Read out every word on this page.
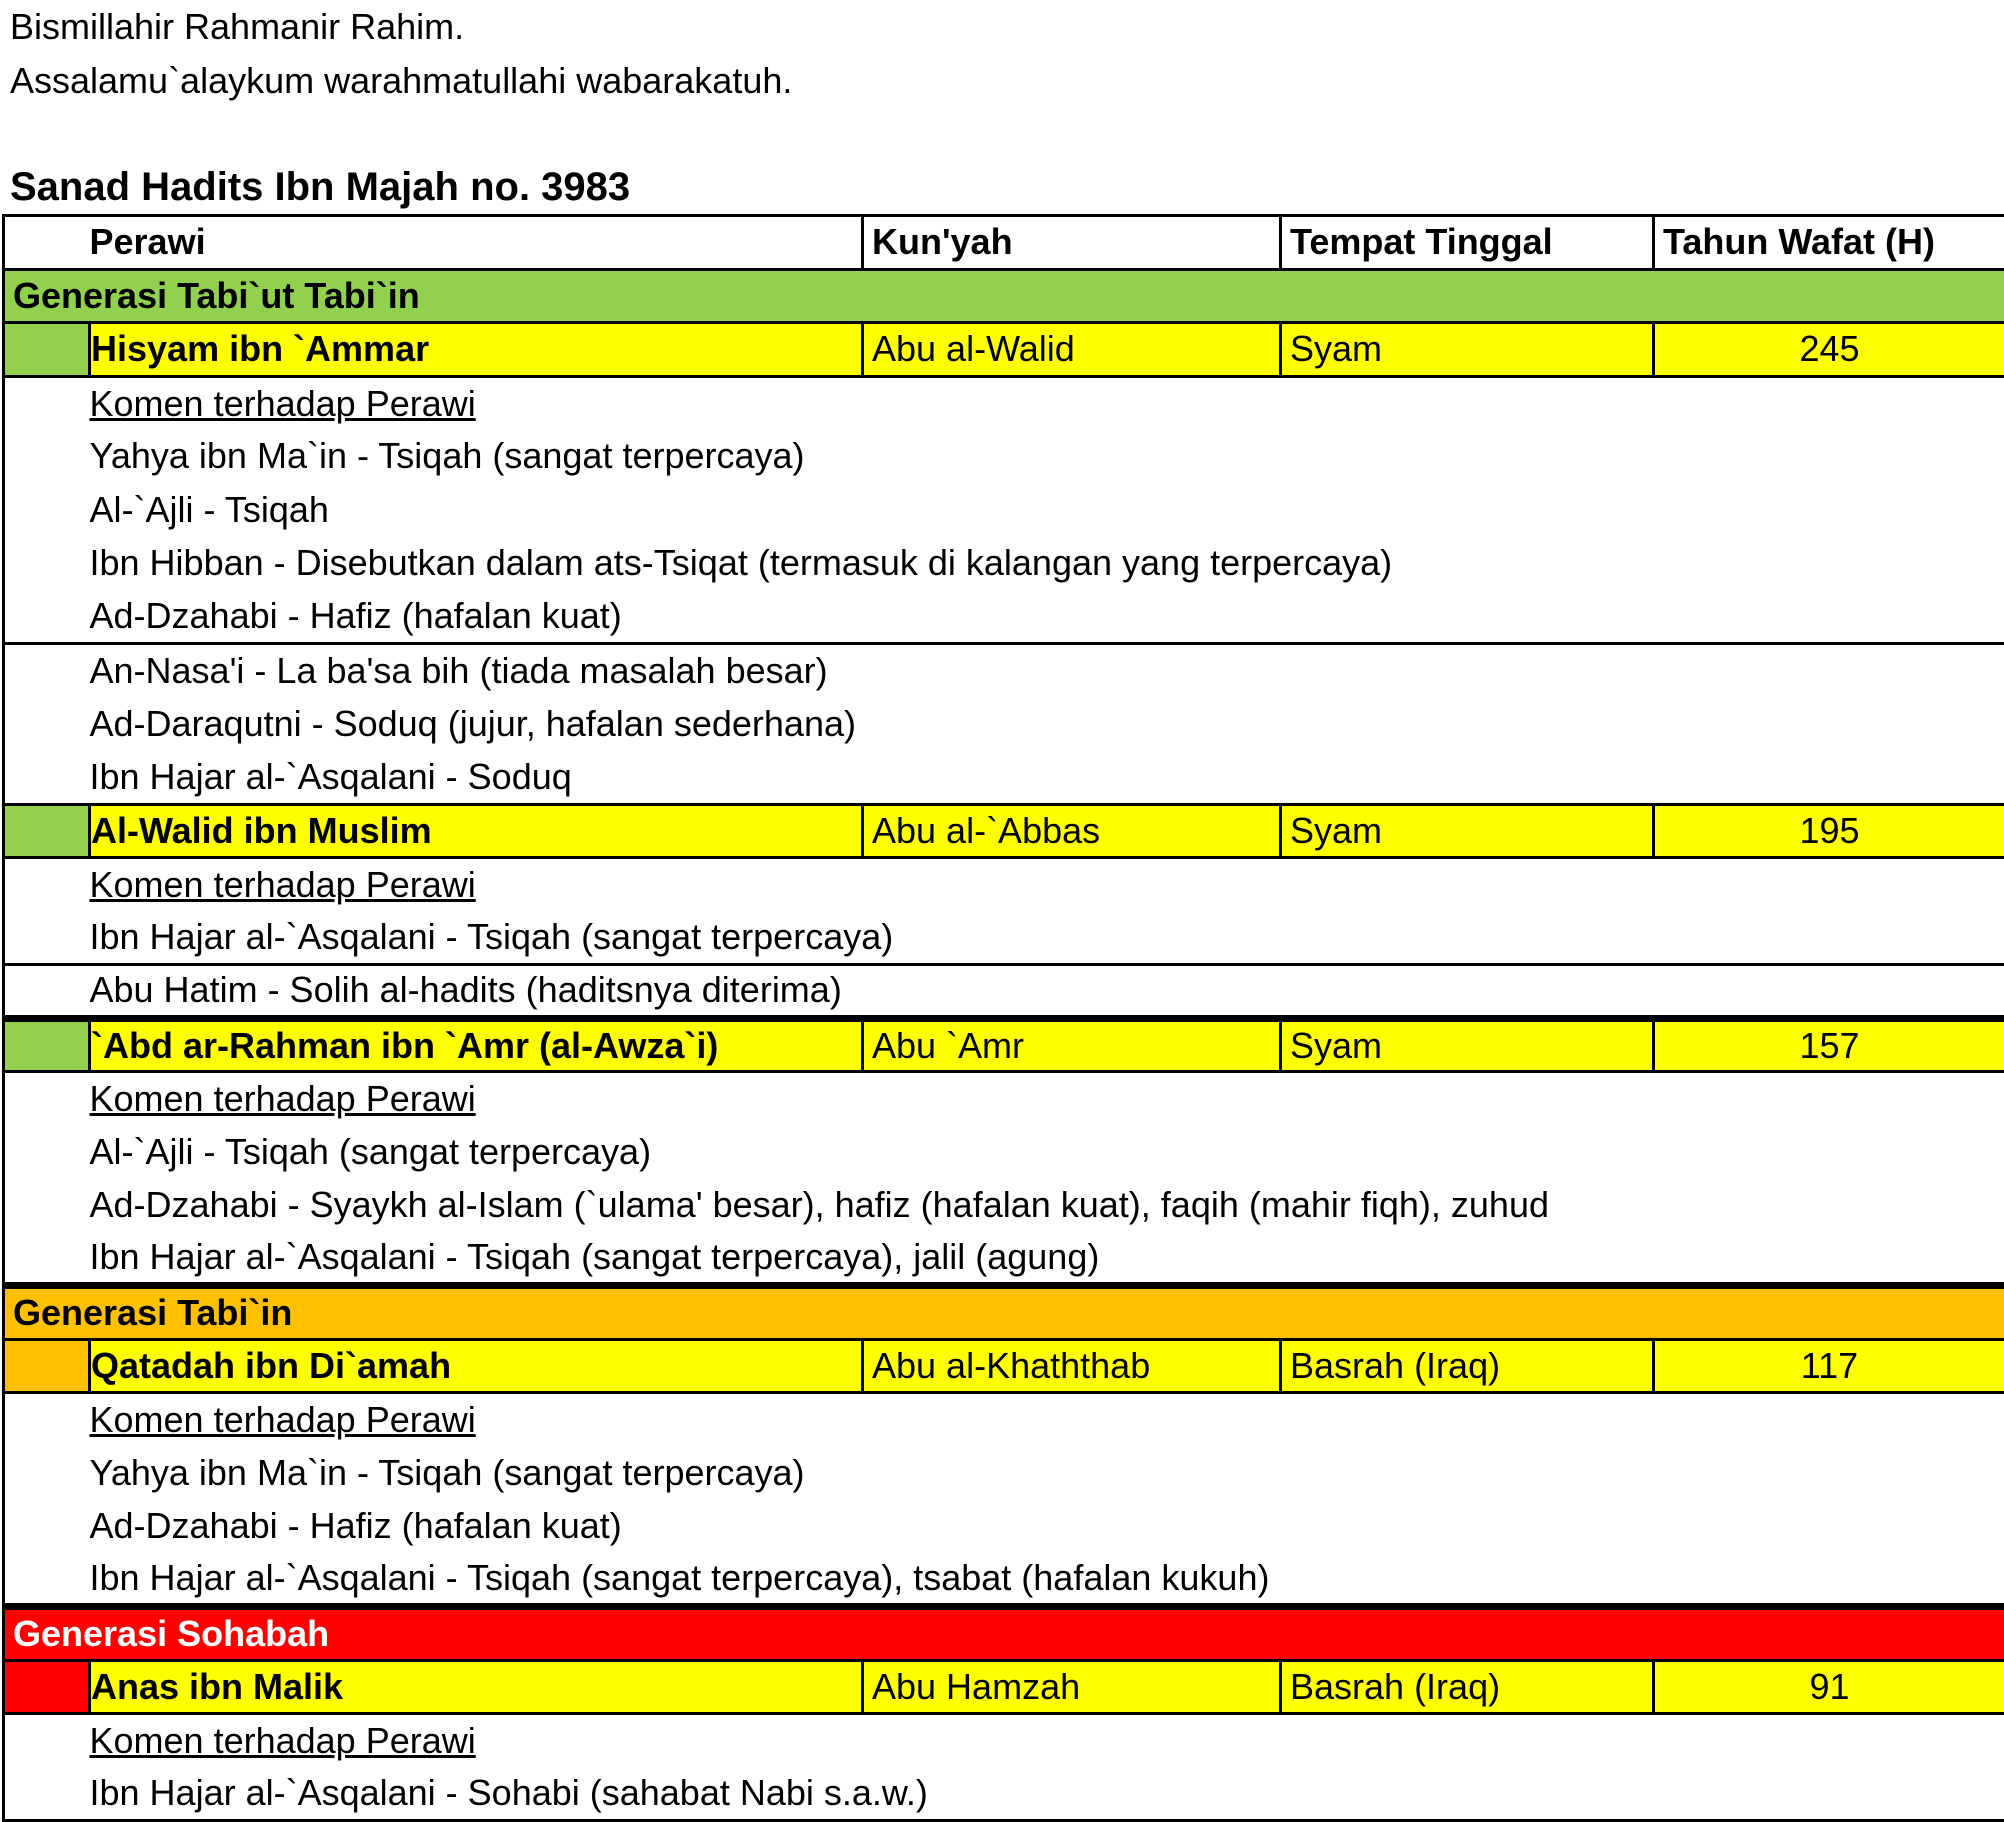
Bismillahir Rahmanir Rahim.
Assalamu`alaykum warahmatullahi wabarakatuh.

Sanad Hadits Ibn Majah no. 3983
	Perawi	Kun'yah	Tempat Tinggal	Tahun Wafat (H)
Generasi Tabi`ut Tabi`in				
	Hisyam ibn `Ammar	Abu al-Walid	Syam	245
	Komen terhadap Perawi			
	Yahya ibn Ma`in - Tsiqah (sangat terpercaya)			
	Al-`Ajli - Tsiqah			
	Ibn Hibban - Disebutkan dalam ats-Tsiqat (termasuk di kalangan yang terpercaya)			
	Ad-Dzahabi - Hafiz (hafalan kuat)			
	An-Nasa'i - La ba'sa bih (tiada masalah besar)			
	Ad-Daraqutni - Soduq (jujur, hafalan sederhana)			
	Ibn Hajar al-`Asqalani - Soduq			
	Al-Walid ibn Muslim	Abu al-`Abbas	Syam	195
	Komen terhadap Perawi			
	Ibn Hajar al-`Asqalani - Tsiqah (sangat terpercaya)			
	Abu Hatim - Solih al-hadits (haditsnya diterima)			
	`Abd ar-Rahman ibn `Amr (al-Awza`i)	Abu `Amr	Syam	157
	Komen terhadap Perawi			
	Al-`Ajli - Tsiqah (sangat terpercaya)			
	Ad-Dzahabi - Syaykh al-Islam (`ulama' besar), hafiz (hafalan kuat), faqih (mahir fiqh), zuhud			
	Ibn Hajar al-`Asqalani - Tsiqah (sangat terpercaya), jalil (agung)			
Generasi Tabi`in				
	Qatadah ibn Di`amah	Abu al-Khaththab	Basrah (Iraq)	117
	Komen terhadap Perawi			
	Yahya ibn Ma`in - Tsiqah (sangat terpercaya)			
	Ad-Dzahabi - Hafiz (hafalan kuat)			
	Ibn Hajar al-`Asqalani - Tsiqah (sangat terpercaya), tsabat (hafalan kukuh)			
Generasi Sohabah				
	Anas ibn Malik	Abu Hamzah	Basrah (Iraq)	91
	Komen terhadap Perawi			
	Ibn Hajar al-`Asqalani - Sohabi (sahabat Nabi s.a.w.)			
